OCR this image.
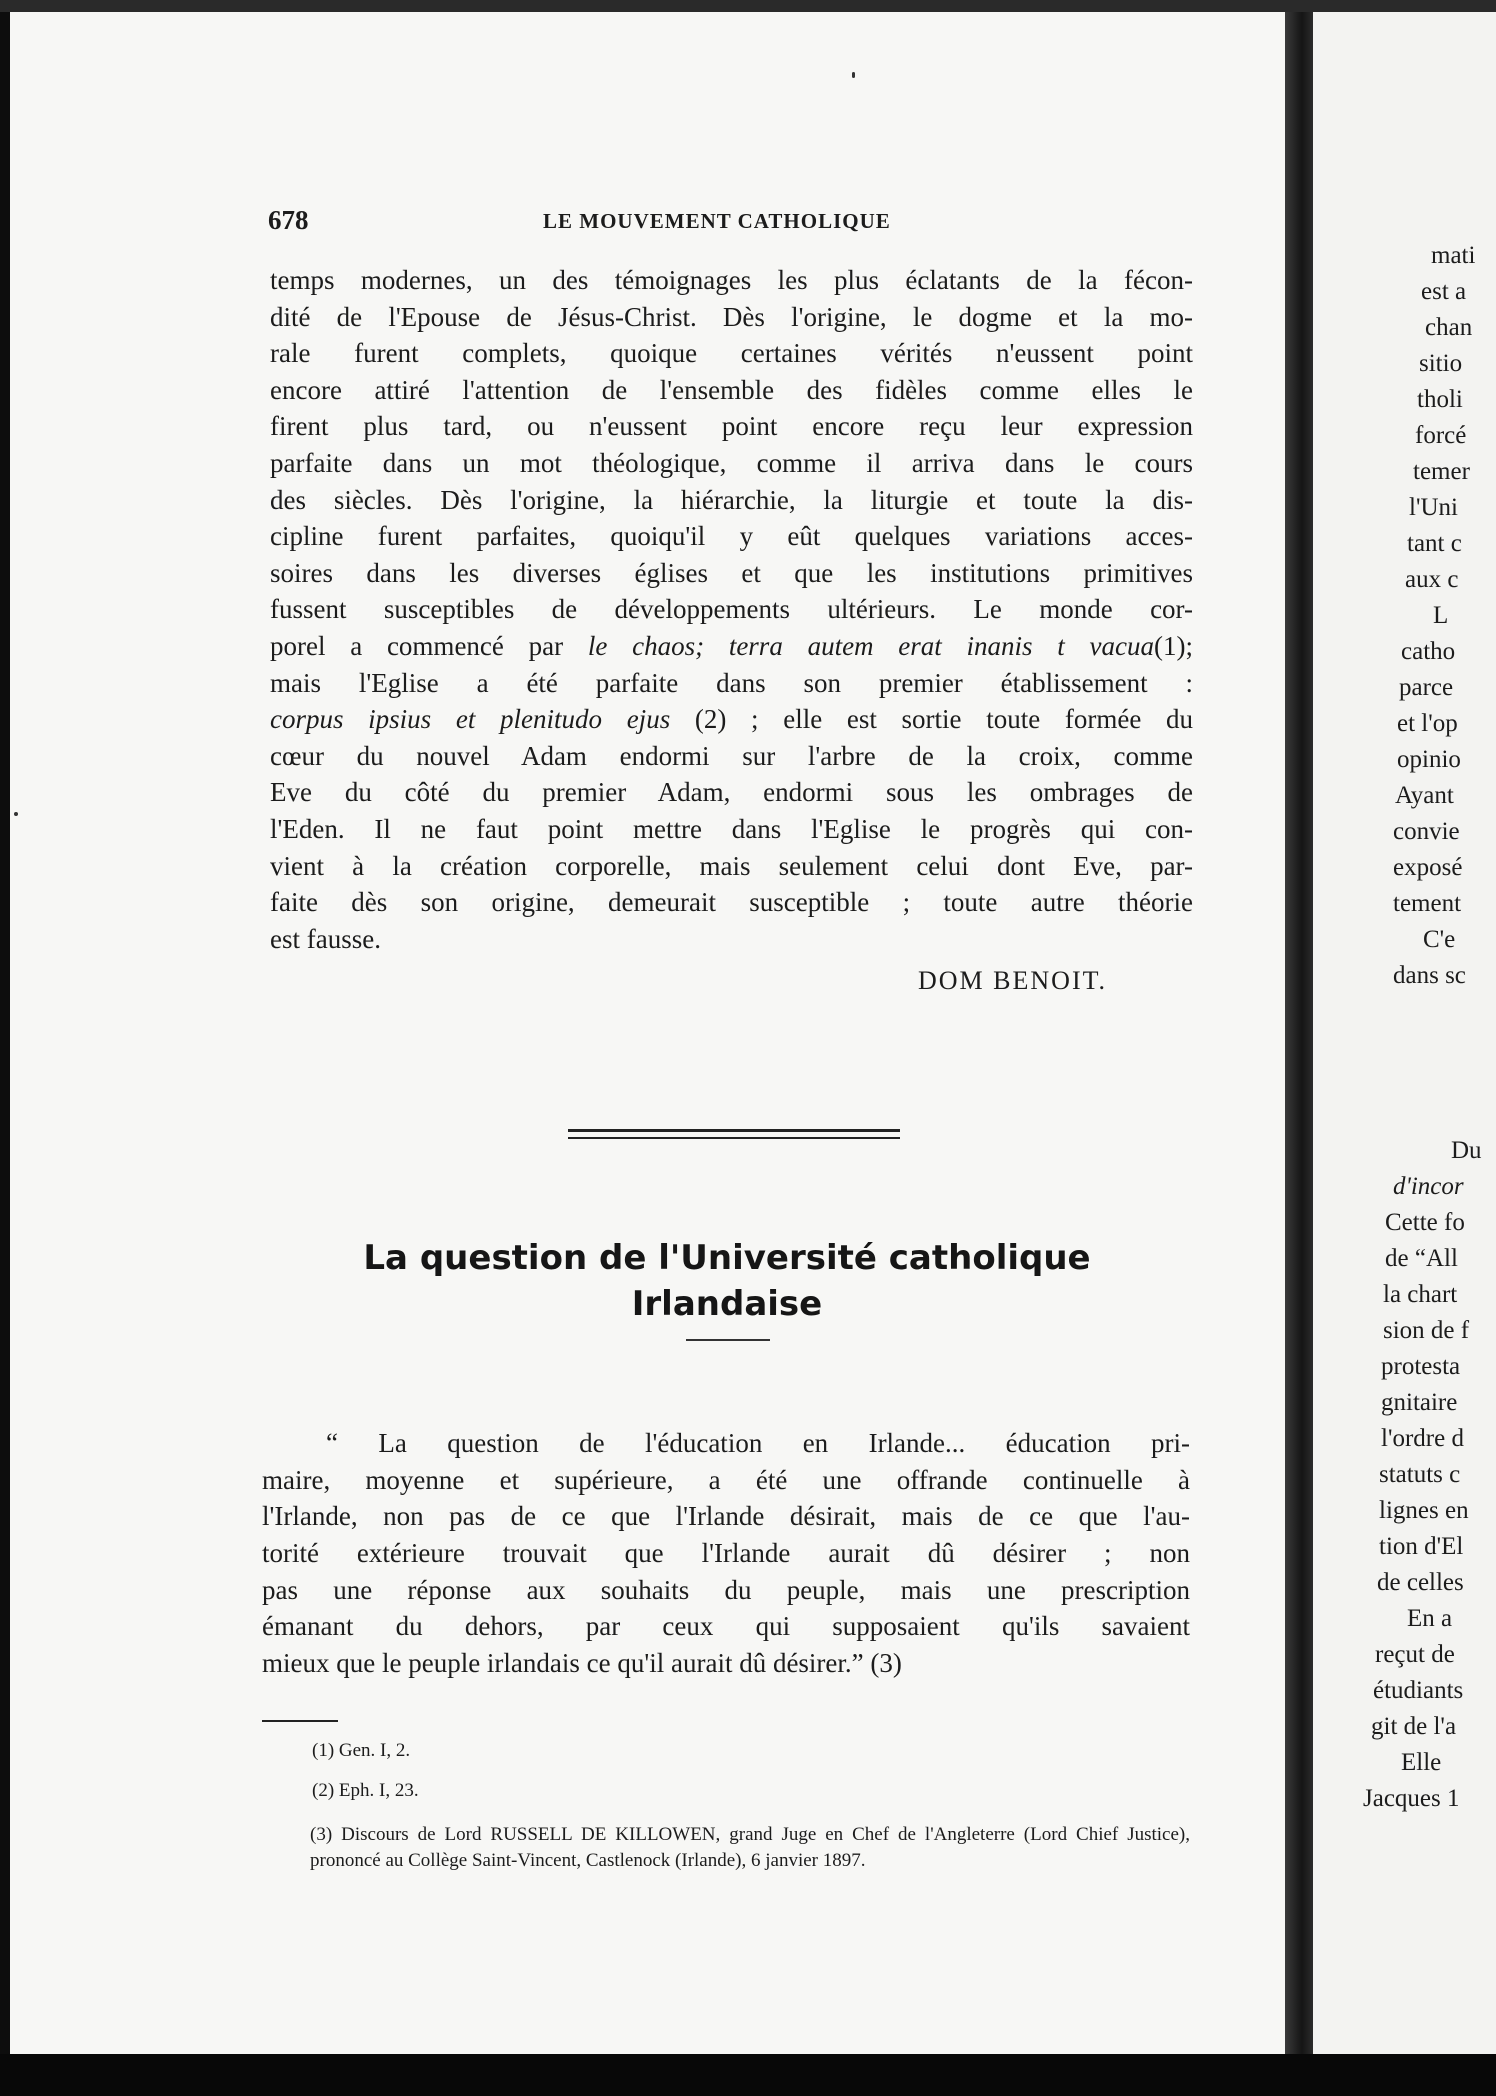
678	LE MOUVEMENT CATHOLIQUE
temps modernes, un des témoignages les plus éclatants de la fécon-
dité de l'Epouse de Jésus-Christ. Dès l'origine, le dogme et la mo-
rale furent complets, quoique certaines vérités n'eussent point
encore attiré l'attention de l'ensemble des fidèles comme elles le
firent plus tard, ou n'eussent point encore reçu leur expression
parfaite dans un mot théologique, comme il arriva dans le cours
des siècles. Dès l'origine, la hiérarchie, la liturgie et toute la dis-
cipline furent parfaites, quoiqu'il y eût quelques variations acces-
soires dans les diverses églises et que les institutions primitives
fussent susceptibles de développements ultérieurs. Le monde cor-
porel a commencé par le chaos; terra autem erat inanis t vacua(1);
mais l'Eglise a été parfaite dans son premier établissement :
corpus ipsius et plenitudo ejus (2) ; elle est sortie toute formée du
cœur du nouvel Adam endormi sur l'arbre de la croix, comme
Eve du côté du premier Adam, endormi sous les ombrages de
l'Eden. Il ne faut point mettre dans l'Eglise le progrès qui con-
vient à la création corporelle, mais seulement celui dont Eve, par-
faite dès son origine, demeurait susceptible ; toute autre théorie
est fausse.
DOM BENOIT.
La question de l'Université catholique
Irlandaise
“ La question de l'éducation en Irlande... éducation pri-
maire, moyenne et supérieure, a été une offrande continuelle à
l'Irlande, non pas de ce que l'Irlande désirait, mais de ce que l'au-
torité extérieure trouvait que l'Irlande aurait dû désirer ; non
pas une réponse aux souhaits du peuple, mais une prescription
émanant du dehors, par ceux qui supposaient qu'ils savaient
mieux que le peuple irlandais ce qu'il aurait dû désirer.” (3)
(1) Gen. I, 2.
(2) Eph. I, 23.
(3) Discours de Lord RUSSELL DE KILLOWEN, grand Juge en Chef de l'Angleterre (Lord Chief Justice), prononcé au Collège Saint-Vincent, Castlenock (Irlande), 6 janvier 1897.
mati
est a
chan
sitio
tholi
forcé
temer
l'Uni
tant c
aux c
L
catho
parce
et l'op
opinio
Ayant
convie
exposé
tement
C'e
dans sc
Du
d'incor
Cette fo
de “All
la chart
sion de f
protesta
gnitaire
l'ordre d
statuts c
lignes en
tion d'El
de celles
En a
reçut de
étudiants
git de l'a
Elle
Jacques 1
